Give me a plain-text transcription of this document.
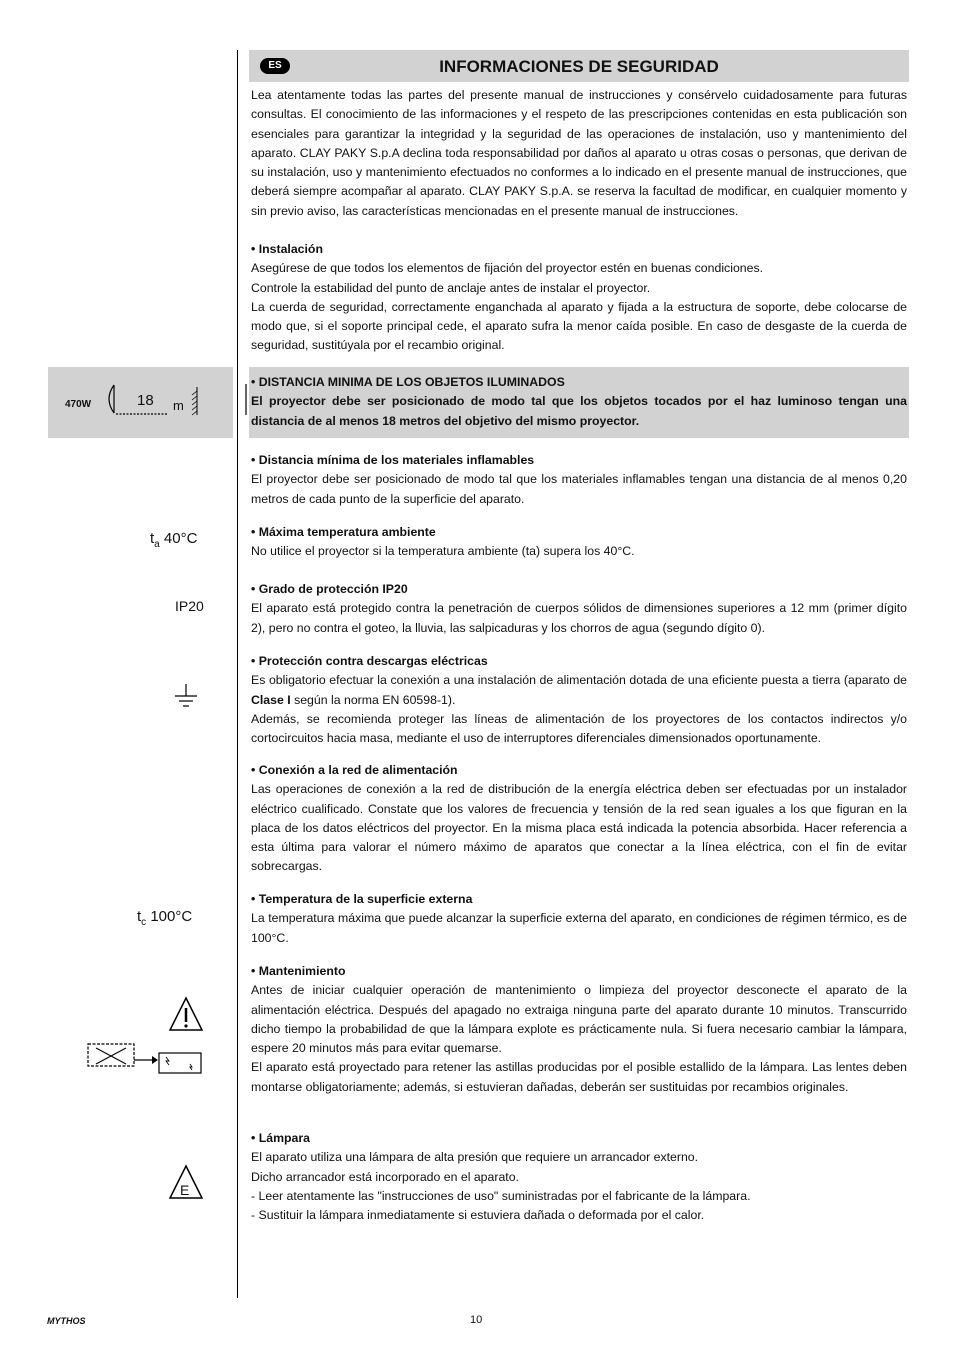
ES	INFORMACIONES DE SEGURIDAD
Lea atentamente todas las partes del presente manual de instrucciones y consérvelo cuidadosamente para futuras consultas. El conocimiento de las informaciones y el respeto de las prescripciones contenidas en esta publicación son esenciales para garantizar la integridad y la seguridad de las operaciones de instalación, uso y mantenimiento del aparato. CLAY PAKY S.p.A declina toda responsabilidad por daños al aparato u otras cosas o personas, que derivan de su instalación, uso y mantenimiento efectuados no conformes a lo indicado en el presente manual de instrucciones, que deberá siempre acompañar al aparato. CLAY PAKY S.p.A. se reserva la facultad de modificar, en cualquier momento y sin previo aviso, las características mencionadas en el presente manual de instrucciones.
• Instalación
Asegúrese de que todos los elementos de fijación del proyector estén en buenas condiciones.
Controle la estabilidad del punto de anclaje antes de instalar el proyector.
La cuerda de seguridad, correctamente enganchada al aparato y fijada a la estructura de soporte, debe colocarse de modo que, si el soporte principal cede, el aparato sufra la menor caída posible. En caso de desgaste de la cuerda de seguridad, sustitúyala por el recambio original.
470W	18 m
• DISTANCIA MINIMA DE LOS OBJETOS ILUMINADOS
El proyector debe ser posicionado de modo tal que los objetos tocados por el haz luminoso tengan una distancia de al menos 18 metros del objetivo del mismo proyector.
• Distancia mínima de los materiales inflamables
El proyector debe ser posicionado de modo tal que los materiales inflamables tengan una distancia de al menos 0,20 metros de cada punto de la superficie del aparato.
$t_a$ 40°C	• Máxima temperatura ambiente
No utilice el proyector si la temperatura ambiente (ta) supera los 40°C.
IP20
• Grado de protección IP20
El aparato está protegido contra la penetración de cuerpos sólidos de dimensiones superiores a 12 mm (primer dígito 2), pero no contra el goteo, la lluvia, las salpicaduras y los chorros de agua (segundo dígito 0).
• Protección contra descargas eléctricas
Es obligatorio efectuar la conexión a una instalación de alimentación dotada de una eficiente puesta a tierra (aparato de Clase I según la norma EN 60598-1).
Además, se recomienda proteger las líneas de alimentación de los proyectores de los contactos indirectos y/o cortocircuitos hacia masa, mediante el uso de interruptores diferenciales dimensionados oportunamente.
• Conexión a la red de alimentación
Las operaciones de conexión a la red de distribución de la energía eléctrica deben ser efectuadas por un instalador eléctrico cualificado. Constate que los valores de frecuencia y tensión de la red sean iguales a los que figuran en la placa de los datos eléctricos del proyector. En la misma placa está indicada la potencia absorbida. Hacer referencia a esta última para valorar el número máximo de aparatos que conectar a la línea eléctrica, con el fin de evitar sobrecargas.
$t_c$ 100°C
• Temperatura de la superficie externa
La temperatura máxima que puede alcanzar la superficie externa del aparato, en condiciones de régimen térmico, es de 100°C.
• Mantenimiento
Antes de iniciar cualquier operación de mantenimiento o limpieza del proyector desconecte el aparato de la alimentación eléctrica. Después del apagado no extraiga ninguna parte del aparato durante 10 minutos. Transcurrido dicho tiempo la probabilidad de que la lámpara explote es prácticamente nula. Si fuera necesario cambiar la lámpara, espere 20 minutos más para evitar quemarse.
El aparato está proyectado para retener las astillas producidas por el posible estallido de la lámpara. Las lentes deben montarse obligatoriamente; además, si estuvieran dañadas, deberán ser sustituidas por recambios originales.
E
• Lámpara
El aparato utiliza una lámpara de alta presión que requiere un arrancador externo.
Dicho arrancador está incorporado en el aparato.
- Leer atentamente las "instrucciones de uso" suministradas por el fabricante de la lámpara.
- Sustituir la lámpara inmediatamente si estuviera dañada o deformada por el calor.
MYTHOS	10
